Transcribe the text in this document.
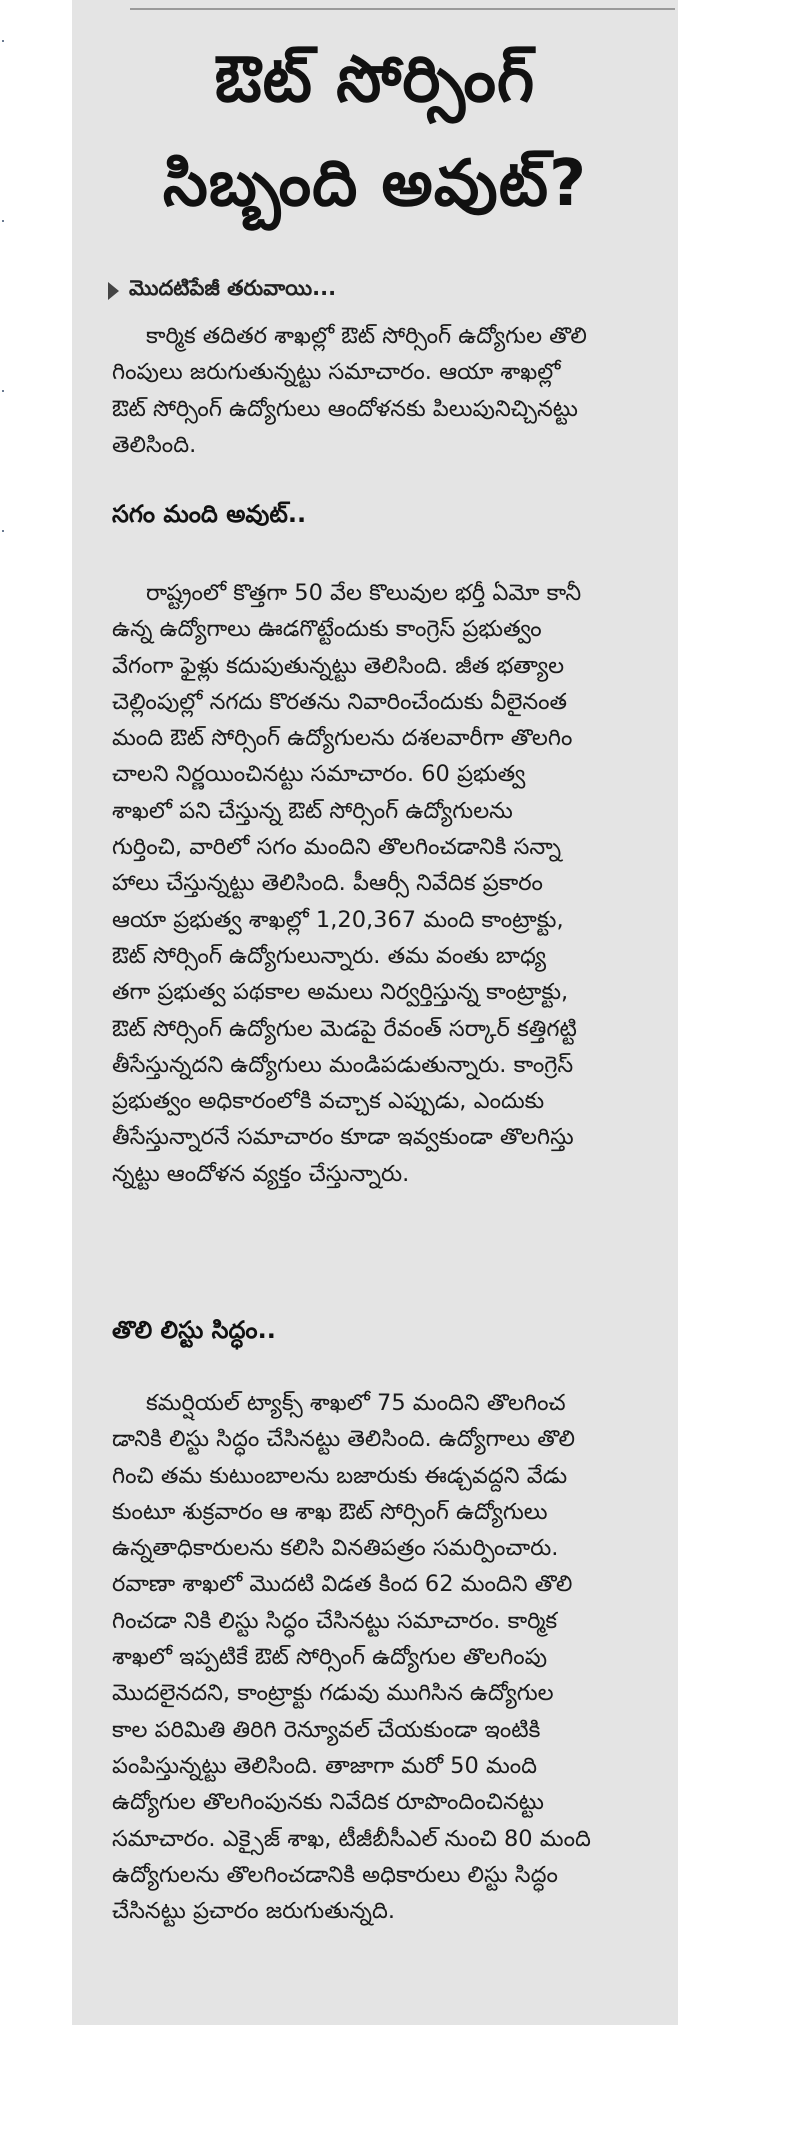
ఔట్ సోర్సింగ్
సిబ్బంది అవుట్?
మొదటిపేజీ తరువాయి...
కార్మిక తదితర శాఖల్లో ఔట్ సోర్సింగ్ ఉద్యోగుల తొలి
గింపులు జరుగుతున్నట్టు సమాచారం. ఆయా శాఖల్లో
ఔట్ సోర్సింగ్ ఉద్యోగులు ఆందోళనకు పిలుపునిచ్చినట్టు
తెలిసింది.
సగం మంది అవుట్..
రాష్ట్రంలో కొత్తగా 50 వేల కొలువుల భర్తీ ఏమో కానీ
ఉన్న ఉద్యోగాలు ఊడగొట్టేందుకు కాంగ్రెస్ ప్రభుత్వం
వేగంగా ఫైళ్లు కదుపుతున్నట్టు తెలిసింది. జీత భత్యాల
చెల్లింపుల్లో నగదు కొరతను నివారించేందుకు వీలైనంత
మంది ఔట్ సోర్సింగ్ ఉద్యోగులను దశలవారీగా తొలగిం
చాలని నిర్ణయించినట్టు సమాచారం. 60 ప్రభుత్వ
శాఖలో పని చేస్తున్న ఔట్ సోర్సింగ్ ఉద్యోగులను
గుర్తించి, వారిలో సగం మందిని తొలగించడానికి సన్నా
హాలు చేస్తున్నట్టు తెలిసింది. పీఆర్సీ నివేదిక ప్రకారం
ఆయా ప్రభుత్వ శాఖల్లో 1,20,367 మంది కాంట్రాక్టు,
ఔట్ సోర్సింగ్ ఉద్యోగులున్నారు. తమ వంతు బాధ్య
తగా ప్రభుత్వ పథకాల అమలు నిర్వర్తిస్తున్న కాంట్రాక్టు,
ఔట్ సోర్సింగ్ ఉద్యోగుల మెడపై రేవంత్ సర్కార్ కత్తిగట్టి
తీసేస్తున్నదని ఉద్యోగులు మండిపడుతున్నారు. కాంగ్రెస్
ప్రభుత్వం అధికారంలోకి వచ్చాక ఎప్పుడు, ఎందుకు
తీసేస్తున్నారనే సమాచారం కూడా ఇవ్వకుండా తొలగిస్తు
న్నట్టు ఆందోళన వ్యక్తం చేస్తున్నారు.
తొలి లిస్టు సిద్ధం..
కమర్షియల్ ట్యాక్స్ శాఖలో 75 మందిని తొలగించ
డానికి లిస్టు సిద్ధం చేసినట్టు తెలిసింది. ఉద్యోగాలు తొలి
గించి తమ కుటుంబాలను బజారుకు ఈడ్చవద్దని వేడు
కుంటూ శుక్రవారం ఆ శాఖ ఔట్ సోర్సింగ్ ఉద్యోగులు
ఉన్నతాధికారులను కలిసి వినతిపత్రం సమర్పించారు.
రవాణా శాఖలో మొదటి విడత కింద 62 మందిని తొలి
గించడా నికి లిస్టు సిద్ధం చేసినట్టు సమాచారం. కార్మిక
శాఖలో ఇప్పటికే ఔట్ సోర్సింగ్ ఉద్యోగుల తొలగింపు
మొదలైనదని, కాంట్రాక్టు గడువు ముగిసిన ఉద్యోగుల
కాల పరిమితి తిరిగి రెన్యూవల్ చేయకుండా ఇంటికి
పంపిస్తున్నట్టు తెలిసింది. తాజాగా మరో 50 మంది
ఉద్యోగుల తొలగింపునకు నివేదిక రూపొందించినట్టు
సమాచారం. ఎక్సైజ్ శాఖ, టీజీబీసీఎల్ నుంచి 80 మంది
ఉద్యోగులను తొలగించడానికి అధికారులు లిస్టు సిద్ధం
చేసినట్టు ప్రచారం జరుగుతున్నది.
